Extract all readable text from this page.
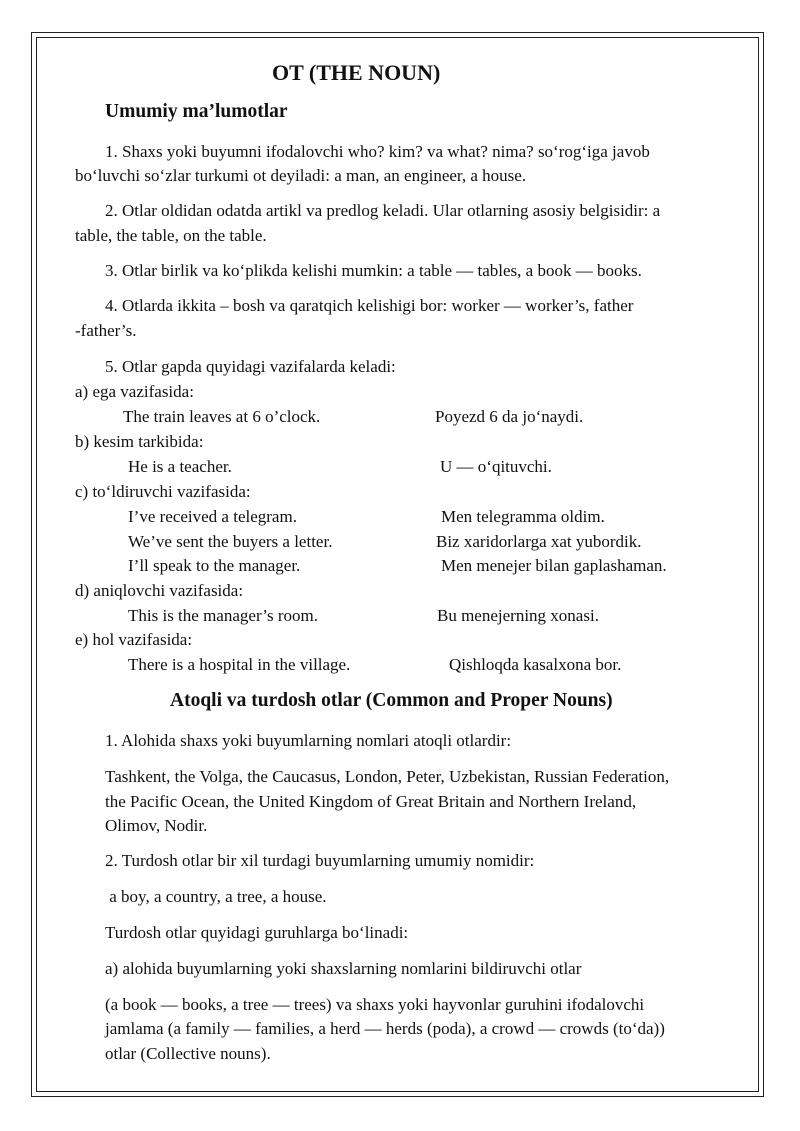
OT (THE NOUN)
Umumiy ma’lumotlar

1. Shaxs yoki buyumni ifodalovchi who? kim? va what? nima? so‘rog‘iga javob

bo‘luvchi so‘zlar turkumi ot deyiladi: a man, an engineer, a house.

2. Otlar oldidan odatda artikl va predlog keladi. Ular otlarning asosiy belgisidir: a

table, the table, on the table.

3. Otlar birlik va ko‘plikda kelishi mumkin: a table — tables, a book — books.

4. Otlarda ikkita – bosh va qaratqich kelishigi bor: worker — worker’s, father

-father’s.

5. Otlar gapda quyidagi vazifalarda keladi:

a) ega vazifasida:

The train leaves at 6 o’clock.	Poyezd 6 da jo‘naydi.

b) kesim tarkibida:

He is a teacher.	U — o‘qituvchi.

c) to‘ldiruvchi vazifasida:

I’ve received a telegram.	Men telegramma oldim.

We’ve sent the buyers a letter.	Biz xaridorlarga xat yubordik.

I’ll speak to the manager.	Men menejer bilan gaplashaman.

d) aniqlovchi vazifasida:

This is the manager’s room.	Bu menejerning xonasi.

e) hol vazifasida:

There is a hospital in the village.	Qishloqda kasalxona bor.

Atoqli va turdosh otlar (Common and Proper Nouns)

1. Alohida shaxs yoki buyumlarning nomlari atoqli otlardir:

Tashkent, the Volga, the Caucasus, London, Peter, Uzbekistan, Russian Federation,

the Pacific Ocean, the United Kingdom of Great Britain and Northern Ireland,

Olimov, Nodir.

2. Turdosh otlar bir xil turdagi buyumlarning umumiy nomidir:

a boy, a country, a tree, a house.

Turdosh otlar quyidagi guruhlarga bo‘linadi:

a) alohida buyumlarning yoki shaxslarning nomlarini bildiruvchi otlar

(a book — books, a tree — trees) va shaxs yoki hayvonlar guruhini ifodalovchi

jamlama (a family — families, a herd — herds (poda), a crowd — crowds (to‘da))

otlar (Collective nouns).
